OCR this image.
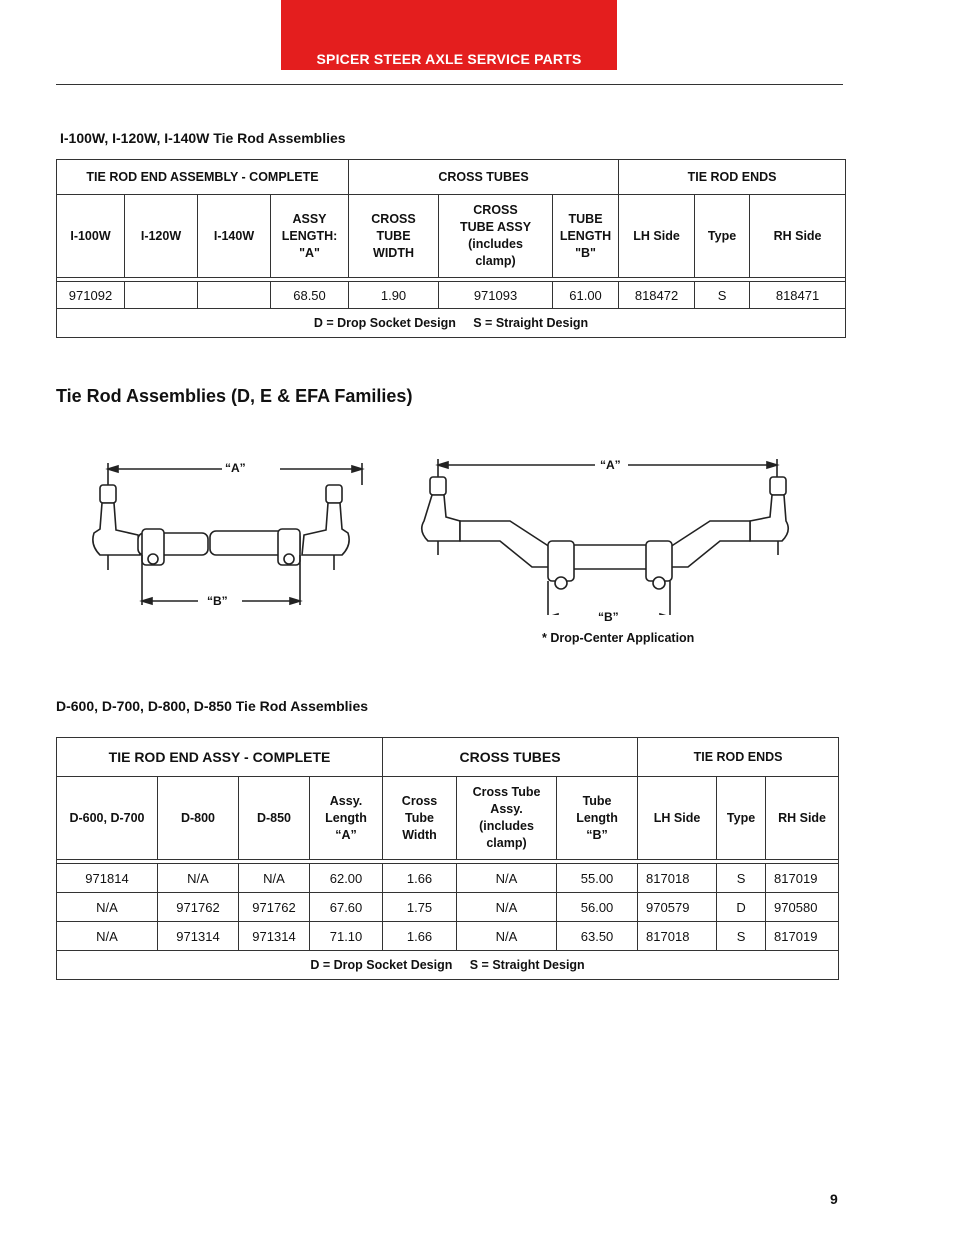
SPICER STEER AXLE SERVICE PARTS
I-100W, I-120W, I-140W Tie Rod Assemblies
TIE ROD END ASSEMBLY - COMPLETE				CROSS TUBES			TIE ROD ENDS		
I-100W	I-120W	I-140W	ASSY LENGTH: "A"	CROSS TUBE WIDTH	CROSS TUBE ASSY (includes clamp)	TUBE LENGTH "B"	LH Side	Type	RH Side

971092			68.50	1.90	971093	61.00	818472	S	818471
D = Drop Socket Design     S = Straight Design									
Tie Rod Assemblies (D, E & EFA Families)
“A”
“B”
“A”
“B”
* Drop-Center Application
D-600, D-700, D-800, D-850 Tie Rod Assemblies
TIE ROD END ASSY - COMPLETE				CROSS TUBES			TIE ROD ENDS		
D-600, D-700	D-800	D-850	Assy. Length “A”	Cross Tube Width	Cross Tube Assy. (includes clamp)	Tube Length “B”	LH Side	Type	RH Side

971814	N/A	N/A	62.00	1.66	N/A	55.00	817018	S	817019
N/A	971762	971762	67.60	1.75	N/A	56.00	970579	D	970580
N/A	971314	971314	71.10	1.66	N/A	63.50	817018	S	817019
D = Drop Socket Design     S = Straight Design									
9
